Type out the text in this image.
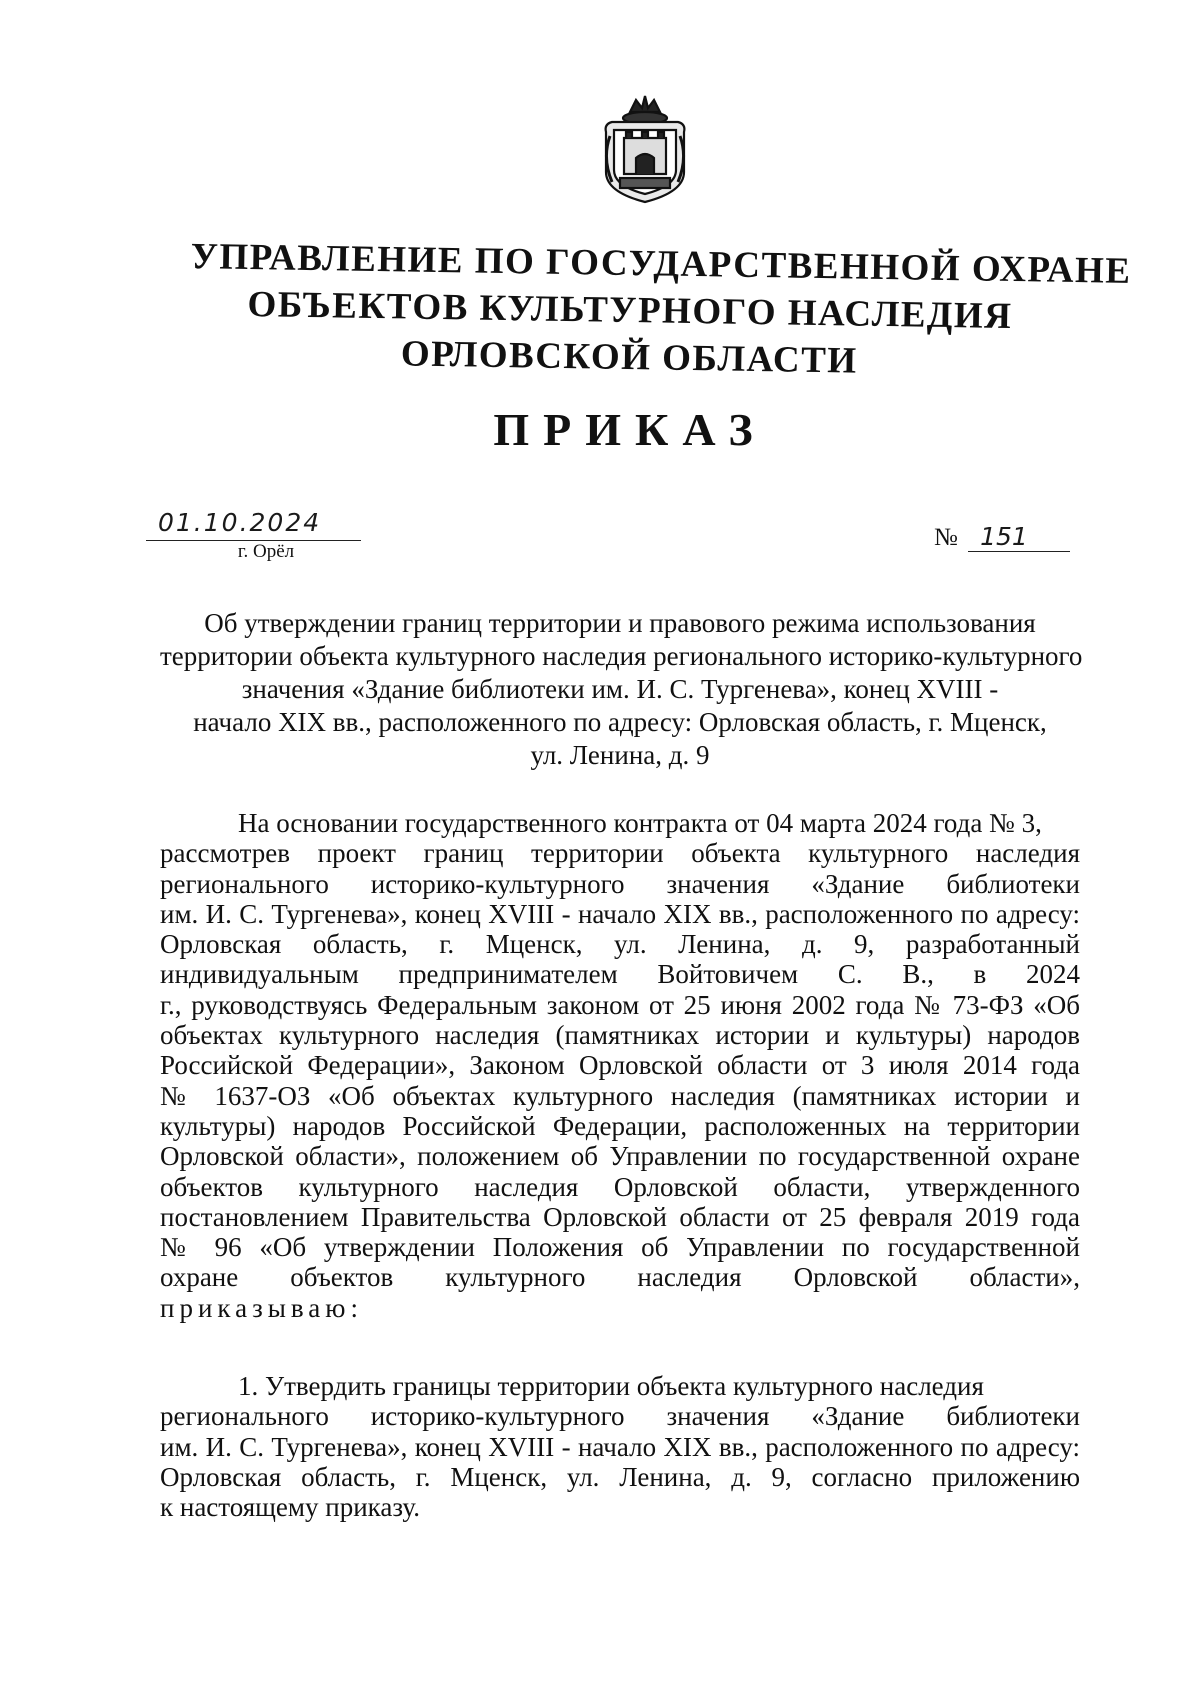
УПРАВЛЕНИЕ ПО ГОСУДАРСТВЕННОЙ ОХРАНЕ
ОБЪЕКТОВ КУЛЬТУРНОГО НАСЛЕДИЯ
ОРЛОВСКОЙ ОБЛАСТИ
ПРИКАЗ
01.10.2024
г. Орёл
№ 151
Об утверждении границ территории и правового режима использования
территории объекта культурного наследия регионального историко-культурного
значения «Здание библиотеки им. И. С. Тургенева», конец XVIII -
начало XIX вв., расположенного по адресу: Орловская область, г. Мценск,
ул. Ленина, д. 9
На основании государственного контракта от 04 марта 2024 года № 3,
рассмотрев проект границ территории объекта культурного наследия
регионального историко-культурного значения «Здание библиотеки
им. И. С. Тургенева», конец XVIII - начало XIX вв., расположенного по адресу:
Орловская область, г. Мценск, ул. Ленина, д. 9, разработанный
индивидуальным предпринимателем Войтовичем С. В., в 2024
г., руководствуясь Федеральным законом от 25 июня 2002 года № 73-ФЗ «Об
объектах культурного наследия (памятниках истории и культуры) народов
Российской Федерации», Законом Орловской области от 3 июля 2014 года
№ 1637-ОЗ «Об объектах культурного наследия (памятниках истории и
культуры) народов Российской Федерации, расположенных на территории
Орловской области», положением об Управлении по государственной охране
объектов культурного наследия Орловской области, утвержденного
постановлением Правительства Орловской области от 25 февраля 2019 года
№ 96 «Об утверждении Положения об Управлении по государственной
охране объектов культурного наследия Орловской области»,
приказываю:
1. Утвердить границы территории объекта культурного наследия
регионального историко-культурного значения «Здание библиотеки
им. И. С. Тургенева», конец XVIII - начало XIX вв., расположенного по адресу:
Орловская область, г. Мценск, ул. Ленина, д. 9, согласно приложению
к настоящему приказу.
